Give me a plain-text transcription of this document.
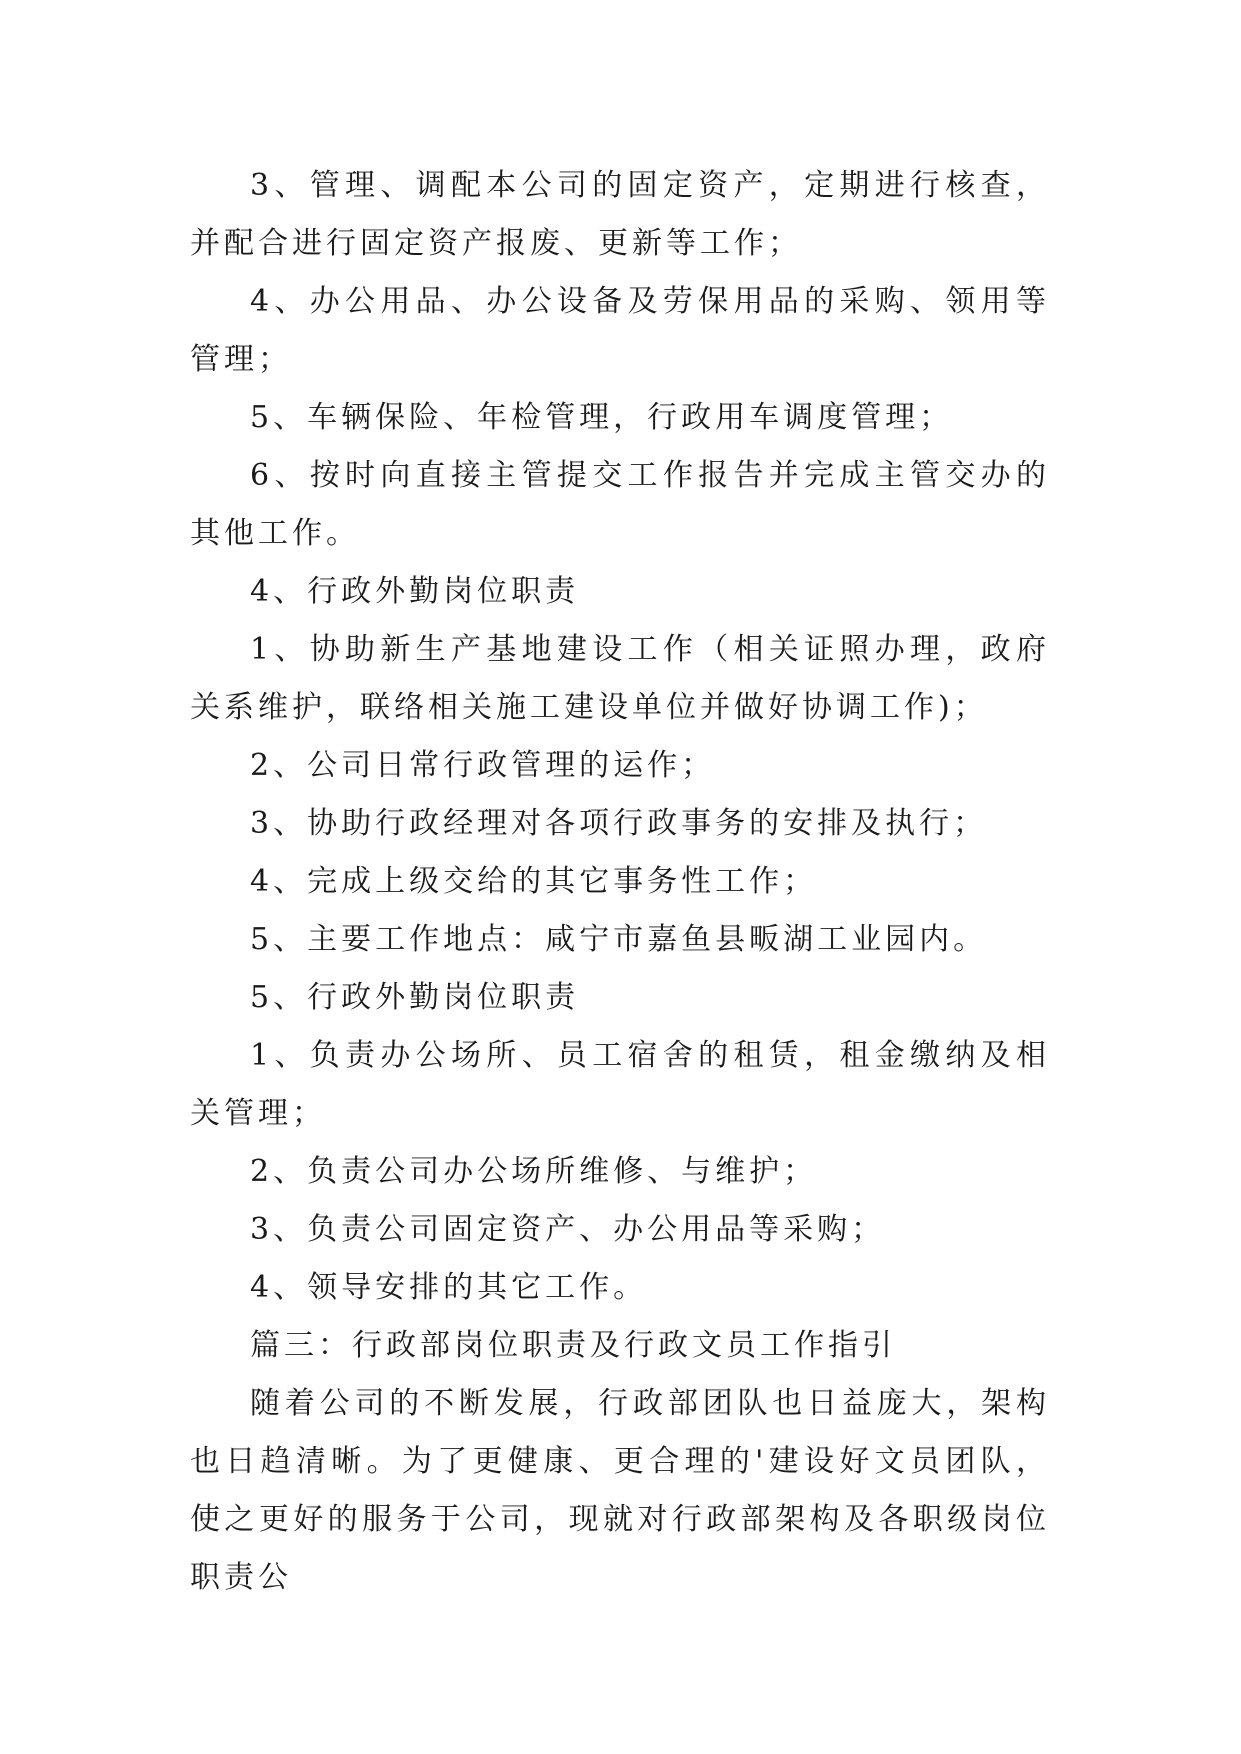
3、管理、调配本公司的固定资产，定期进行核查，并配合进行固定资产报废、更新等工作；

4、办公用品、办公设备及劳保用品的采购、领用等管理；

5、车辆保险、年检管理，行政用车调度管理；

6、按时向直接主管提交工作报告并完成主管交办的其他工作。

4、行政外勤岗位职责

1、协助新生产基地建设工作（相关证照办理，政府关系维护，联络相关施工建设单位并做好协调工作)；

2、公司日常行政管理的运作；

3、协助行政经理对各项行政事务的安排及执行；

4、完成上级交给的其它事务性工作；

5、主要工作地点：咸宁市嘉鱼县畈湖工业园内。

5、行政外勤岗位职责

1、负责办公场所、员工宿舍的租赁，租金缴纳及相关管理；

2、负责公司办公场所维修、与维护；

3、负责公司固定资产、办公用品等采购；

4、领导安排的其它工作。

篇三：行政部岗位职责及行政文员工作指引

随着公司的不断发展，行政部团队也日益庞大，架构也日趋清晰。为了更健康、更合理的'建设好文员团队，使之更好的服务于公司，现就对行政部架构及各职级岗位职责公
